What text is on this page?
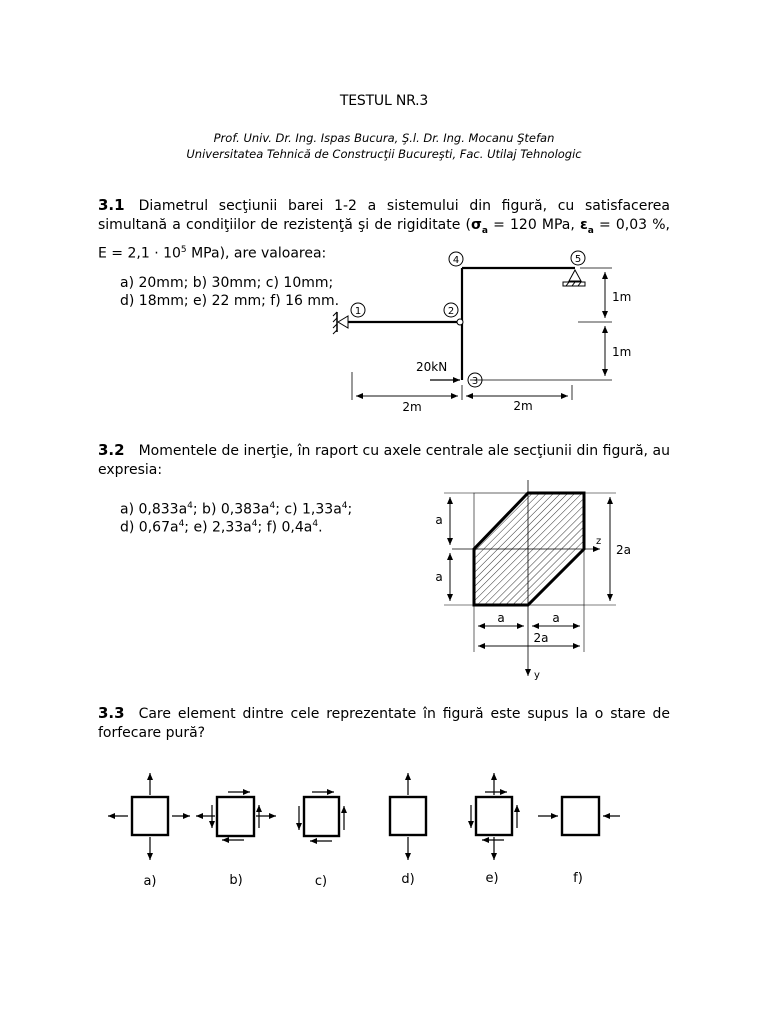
TESTUL NR.3
Prof. Univ. Dr. Ing. Ispas Bucura, Ş.l. Dr. Ing. Mocanu Ştefan
Universitatea Tehnică de Construcţii Bucureşti, Fac. Utilaj Tehnologic
3.1 Diametrul secţiunii barei 1-2 a sistemului din figură, cu satisfacerea simultană a condiţiilor de rezistenţă şi de rigiditate ($\sigma_a = 120$ MPa, $\varepsilon_a = 0,03$ %, $E = 2,1 \cdot 10^5$ MPa), are valoarea:
a) 20mm; b) 30mm; c) 10mm;
d) 18mm; e) 22 mm; f) 16 mm.
1	2
3
4	5
20kN
2m	2m
1m
1m
3.2 Momentele de inerţie, în raport cu axele centrale ale secţiunii din figură, au expresia:
a) $0,833a^4$; b) $0,383a^4$; c) $1,33a^4$;
d) $0,67a^4$; e) $2,33a^4$; f) $0,4a^4$.
z
y
a
a
2a
a	a
2a
3.3 Care element dintre cele reprezentate în figură este supus la o stare de forfecare pură?
a)	b)	c)	d)	e)	f)
